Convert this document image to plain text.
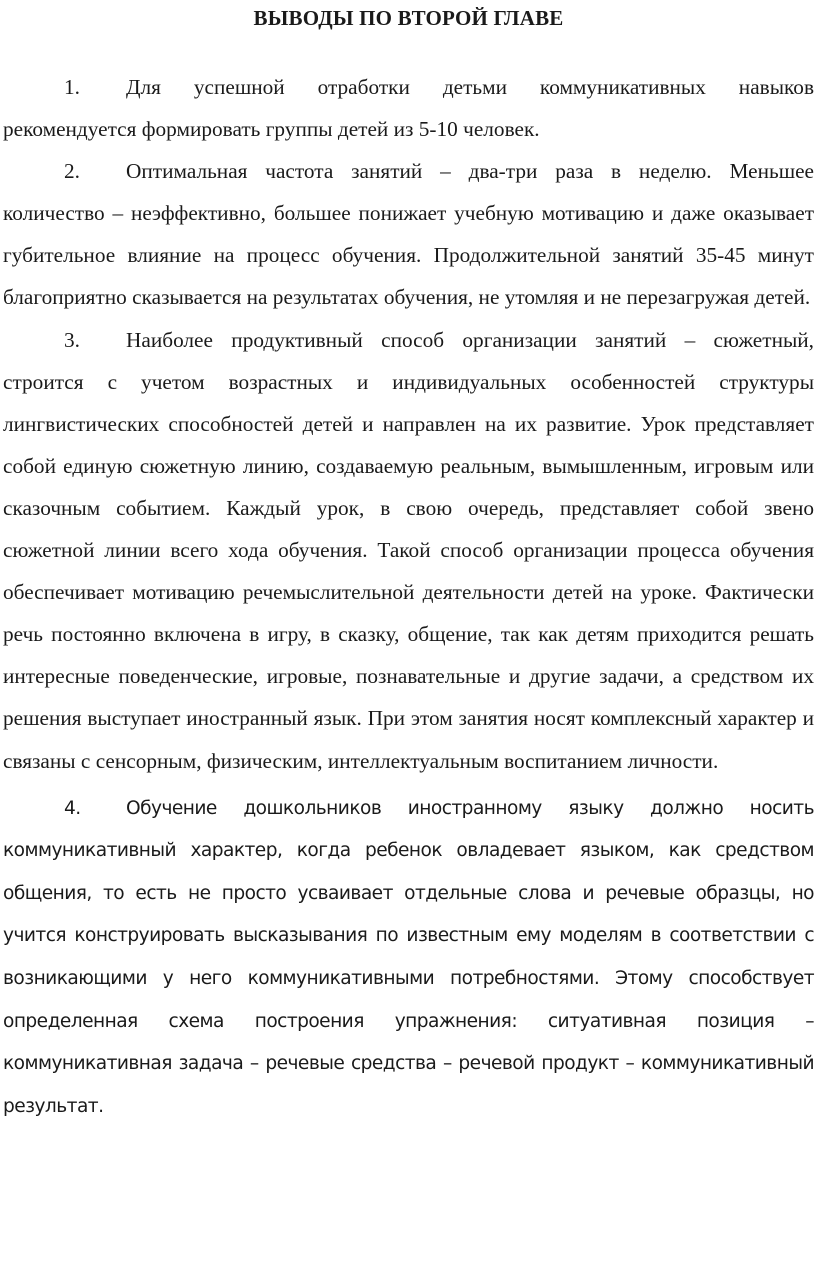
ВЫВОДЫ ПО ВТОРОЙ ГЛАВЕ

1. Для успешной отработки детьми коммуникативных навыков рекомендуется формировать группы детей из 5-10 человек.

2. Оптимальная частота занятий – два-три раза в неделю. Меньшее количество – неэффективно, большее понижает учебную мотивацию и даже оказывает губительное влияние на процесс обучения. Продолжительной занятий 35-45 минут благоприятно сказывается на результатах обучения, не утомляя и не перезагружая детей.

3. Наиболее продуктивный способ организации занятий – сюжетный, строится с учетом возрастных и индивидуальных особенностей структуры лингвистических способностей детей и направлен на их развитие. Урок представляет собой единую сюжетную линию, создаваемую реальным, вымышленным, игровым или сказочным событием. Каждый урок, в свою очередь, представляет собой звено сюжетной линии всего хода обучения. Такой способ организации процесса обучения обеспечивает мотивацию речемыслительной деятельности детей на уроке. Фактически речь постоянно включена в игру, в сказку, общение, так как детям приходится решать интересные поведенческие, игровые, познавательные и другие задачи, а средством их решения выступает иностранный язык. При этом занятия носят комплексный характер и связаны с сенсорным, физическим, интеллектуальным воспитанием личности.

4. Обучение дошкольников иностранному языку должно носить коммуникативный характер, когда ребенок овладевает языком, как средством общения, то есть не просто усваивает отдельные слова и речевые образцы, но учится конструировать высказывания по известным ему моделям в соответствии с возникающими у него коммуникативными потребностями. Этому способствует определенная схема построения упражнения: ситуативная позиция – коммуникативная задача – речевые средства – речевой продукт – коммуникативный результат.
